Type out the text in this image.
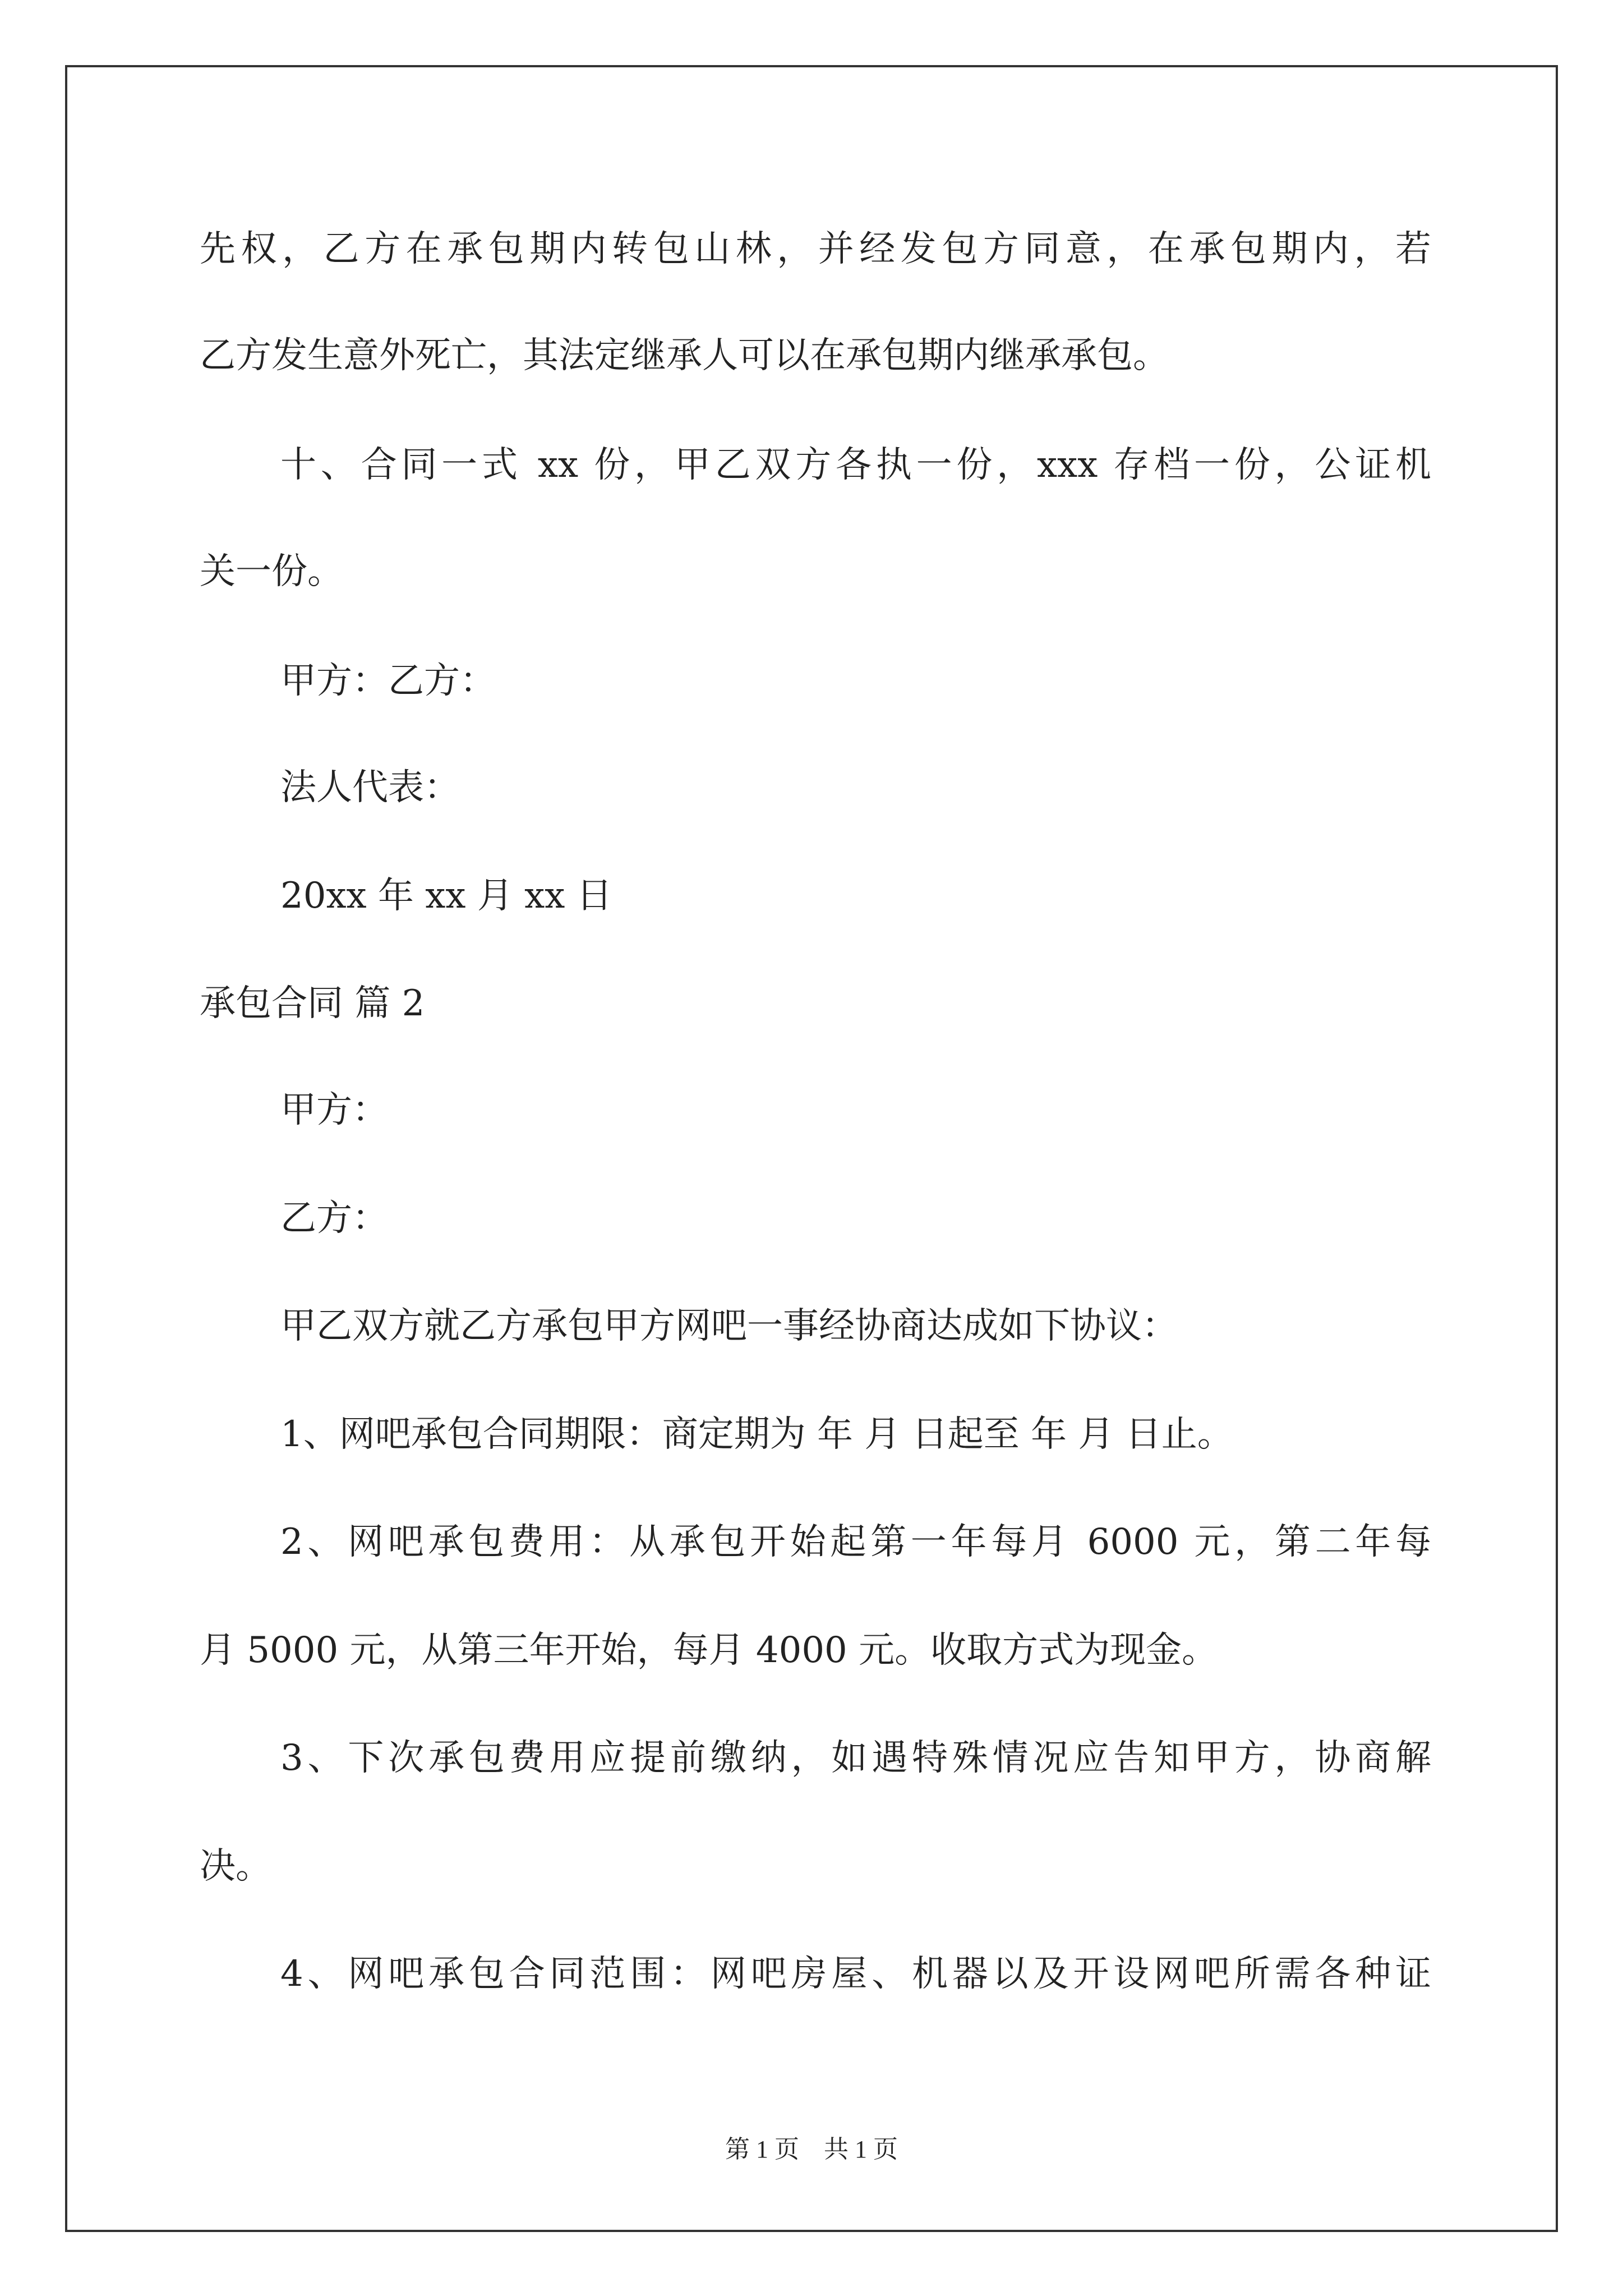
先权，乙方在承包期内转包山林，并经发包方同意，在承包期内，若
乙方发生意外死亡，其法定继承人可以在承包期内继承承包。
十、合同一式 xx 份，甲乙双方各执一份，xxx 存档一份，公证机
关一份。
甲方：乙方：
法人代表：
20xx 年 xx 月 xx 日
承包合同 篇 2
甲方：
乙方：
甲乙双方就乙方承包甲方网吧一事经协商达成如下协议：
1、网吧承包合同期限：商定期为 年 月 日起至 年 月 日止。
2、网吧承包费用：从承包开始起第一年每月 6000 元，第二年每
月 5000 元，从第三年开始，每月 4000 元。收取方式为现金。
3、下次承包费用应提前缴纳，如遇特殊情况应告知甲方，协商解
决。
4、网吧承包合同范围：网吧房屋、机器以及开设网吧所需各种证
第 1 页    共 1 页
